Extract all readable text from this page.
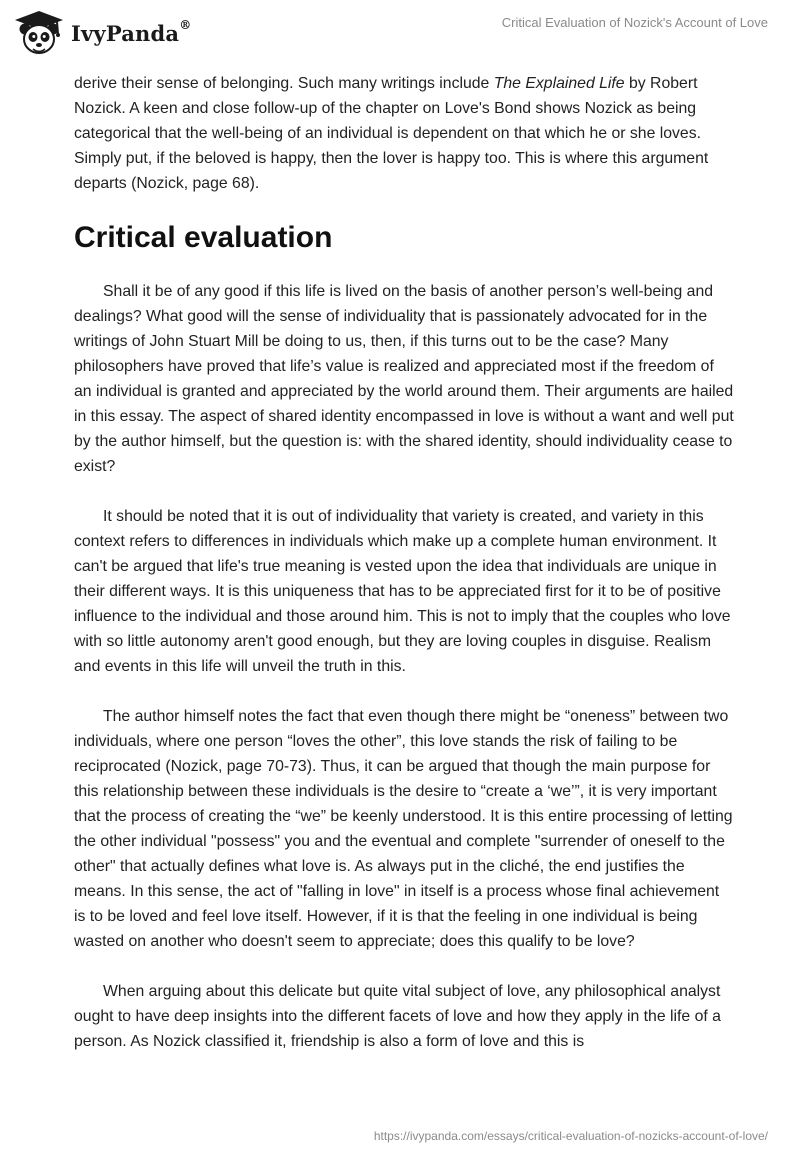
IvyPanda®	Critical Evaluation of Nozick's Account of Love

derive their sense of belonging. Such many writings include The Explained Life by Robert Nozick. A keen and close follow-up of the chapter on Love's Bond shows Nozick as being categorical that the well-being of an individual is dependent on that which he or she loves. Simply put, if the beloved is happy, then the lover is happy too. This is where this argument departs (Nozick, page 68).

Critical evaluation

Shall it be of any good if this life is lived on the basis of another person’s well-being and dealings? What good will the sense of individuality that is passionately advocated for in the writings of John Stuart Mill be doing to us, then, if this turns out to be the case? Many philosophers have proved that life’s value is realized and appreciated most if the freedom of an individual is granted and appreciated by the world around them. Their arguments are hailed in this essay. The aspect of shared identity encompassed in love is without a want and well put by the author himself, but the question is: with the shared identity, should individuality cease to exist?

It should be noted that it is out of individuality that variety is created, and variety in this context refers to differences in individuals which make up a complete human environment. It can't be argued that life's true meaning is vested upon the idea that individuals are unique in their different ways. It is this uniqueness that has to be appreciated first for it to be of positive influence to the individual and those around him. This is not to imply that the couples who love with so little autonomy aren't good enough, but they are loving couples in disguise. Realism and events in this life will unveil the truth in this.

The author himself notes the fact that even though there might be “oneness” between two individuals, where one person “loves the other”, this love stands the risk of failing to be reciprocated (Nozick, page 70-73). Thus, it can be argued that though the main purpose for this relationship between these individuals is the desire to “create a ‘we’”, it is very important that the process of creating the “we” be keenly understood. It is this entire processing of letting the other individual "possess" you and the eventual and complete "surrender of oneself to the other" that actually defines what love is. As always put in the cliché, the end justifies the means. In this sense, the act of "falling in love" in itself is a process whose final achievement is to be loved and feel love itself. However, if it is that the feeling in one individual is being wasted on another who doesn't seem to appreciate; does this qualify to be love?

When arguing about this delicate but quite vital subject of love, any philosophical analyst ought to have deep insights into the different facets of love and how they apply in the life of a person. As Nozick classified it, friendship is also a form of love and this is

https://ivypanda.com/essays/critical-evaluation-of-nozicks-account-of-love/
